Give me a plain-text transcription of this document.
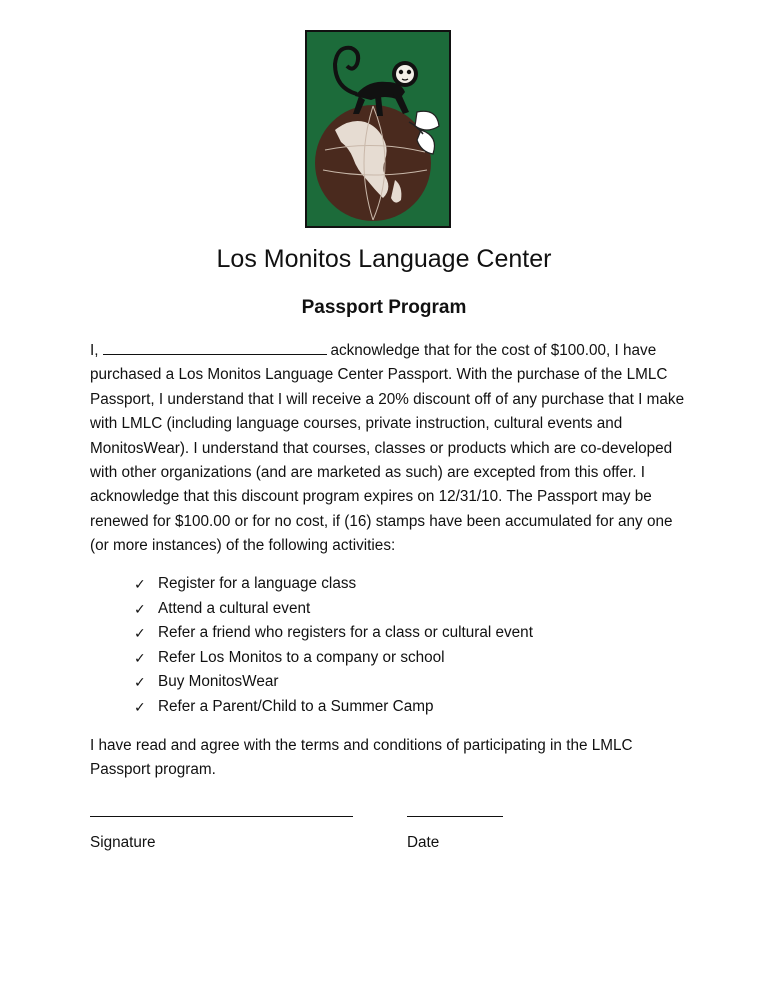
Los Monitos Language Center
Passport Program
I,	acknowledge that for the cost of $100.00, I have purchased a Los Monitos Language Center Passport. With the purchase of the LMLC Passport, I understand that I will receive a 20% discount off of any purchase that I make with LMLC (including language courses, private instruction, cultural events and MonitosWear). I understand that courses, classes or products which are co-developed with other organizations (and are marketed as such) are excepted from this offer. I acknowledge that this discount program expires on 12/31/10. The Passport may be renewed for $100.00 or for no cost, if (16) stamps have been accumulated for any one (or more instances) of the following activities:
✓ Register for a language class
✓ Attend a cultural event
✓ Refer a friend who registers for a class or cultural event
✓ Refer Los Monitos to a company or school
✓ Buy MonitosWear
✓ Refer a Parent/Child to a Summer Camp
I have read and agree with the terms and conditions of participating in the LMLC Passport program.
Signature	Date
